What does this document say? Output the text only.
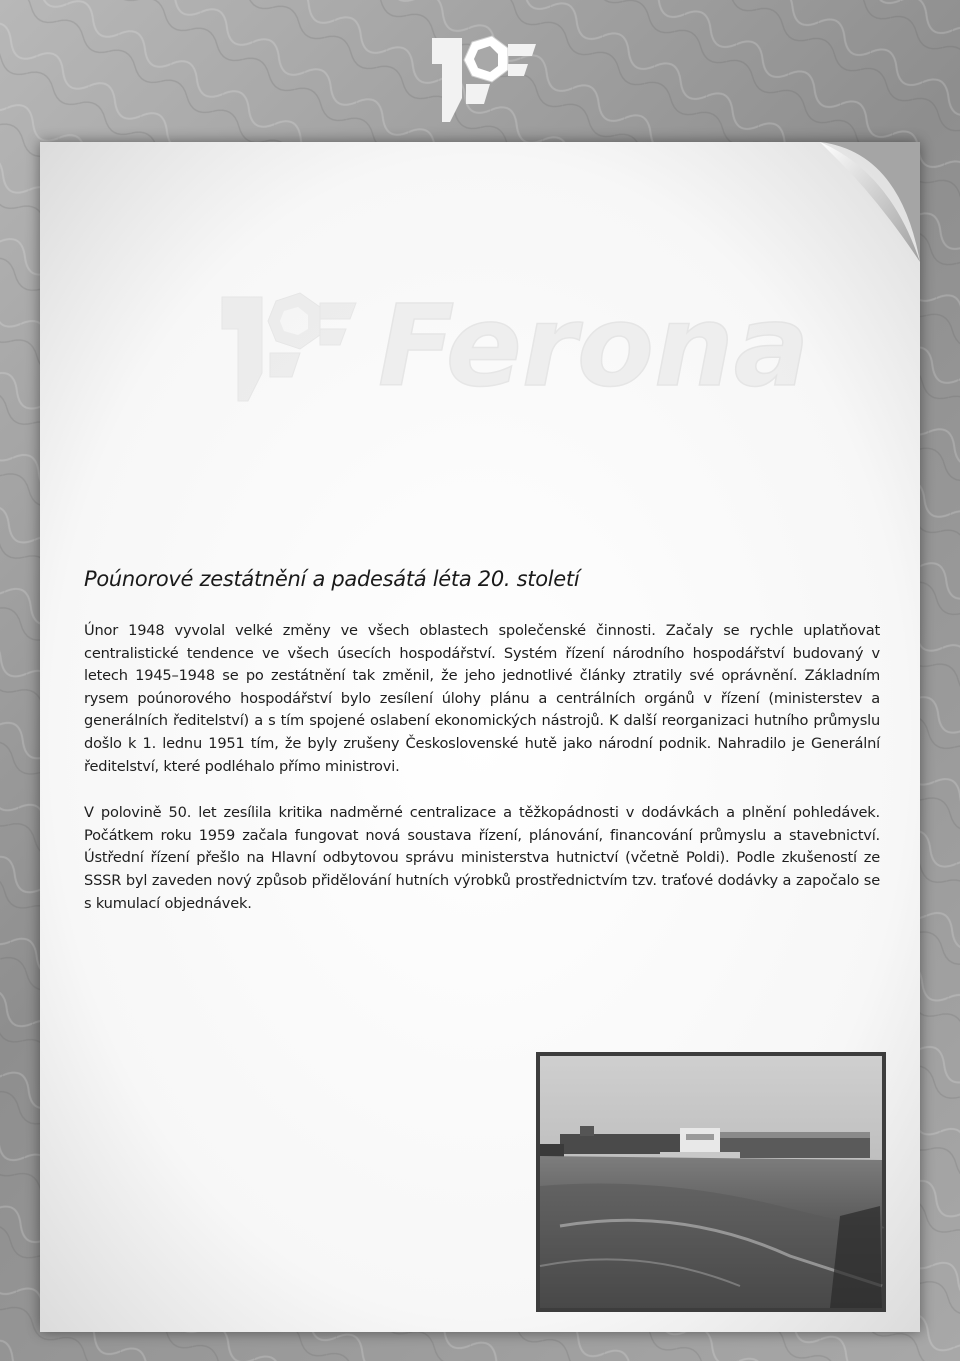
Ferona
Poúnorové zestátnění a padesátá léta 20. století

Únor 1948 vyvolal velké změny ve všech oblastech společenské činnosti. Začaly se rychle uplatňovat centralistické tendence ve všech úsecích hospodářství. Systém řízení národního hospodářství budovaný v letech 1945–1948 se po zestátnění tak změnil, že jeho jednotlivé články ztratily své oprávnění. Základním rysem poúnorového hospodářství bylo zesílení úlohy plánu a centrálních orgánů v řízení (ministerstev a generálních ředitelství) a s tím spojené oslabení ekonomických nástrojů. K další reorganizaci hutního průmyslu došlo k 1. lednu 1951 tím, že byly zrušeny Československé hutě jako národní podnik. Nahradilo je Generální ředitelství, které podléhalo přímo ministrovi.

V polovině 50. let zesílila kritika nadměrné centralizace a těžkopádnosti v dodávkách a plnění pohledávek. Počátkem roku 1959 začala fungovat nová soustava řízení, plánování, financování průmyslu a stavebnictví. Ústřední řízení přešlo na Hlavní odbytovou správu ministerstva hutnictví (včetně Poldi). Podle zkušeností ze SSSR byl zaveden nový způsob přidělování hutních výrobků prostřednictvím tzv. traťové dodávky a započalo se s kumulací objednávek.
